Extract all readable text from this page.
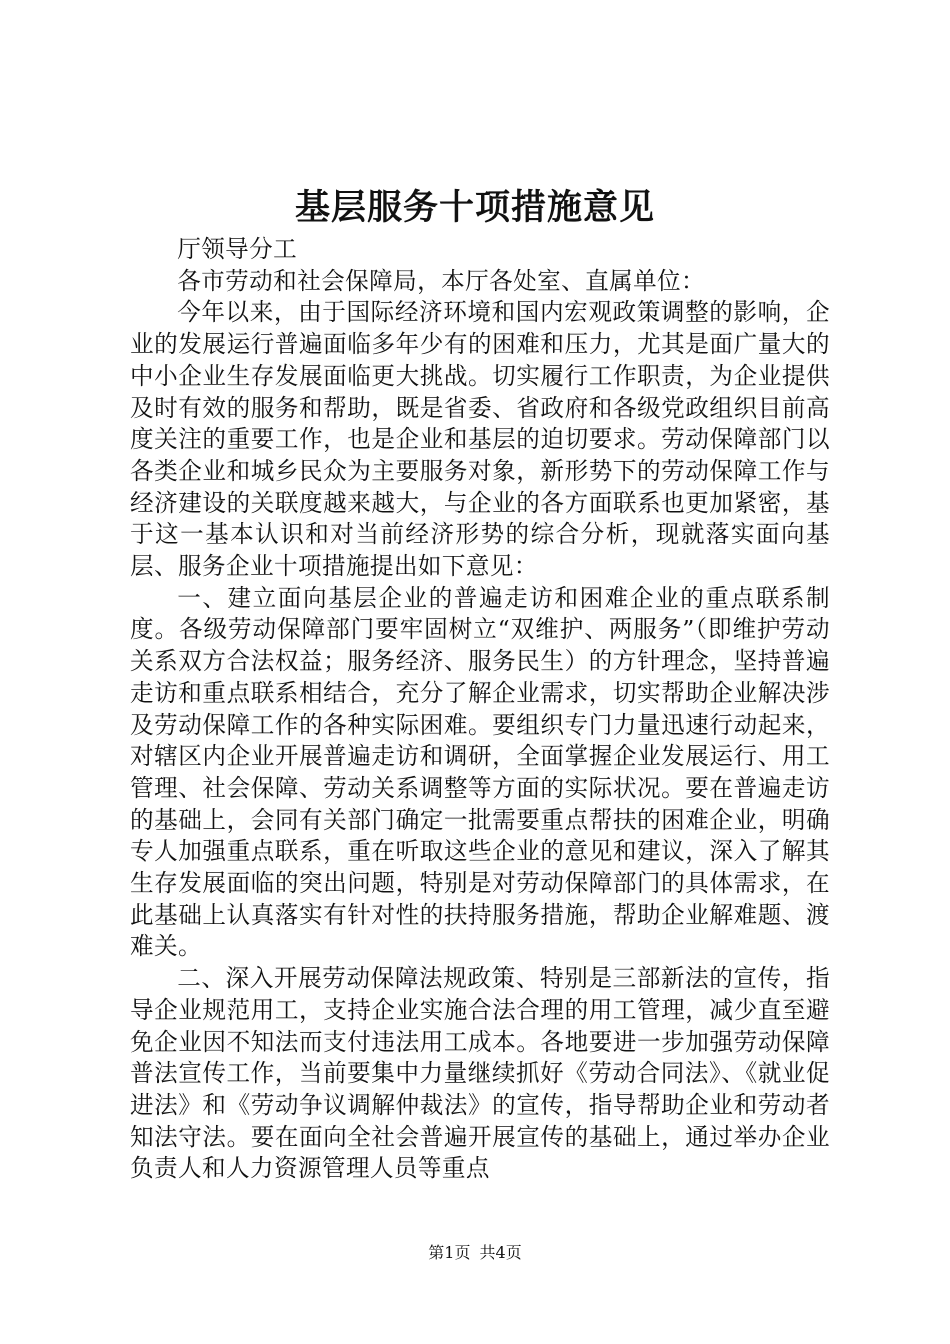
基层服务十项措施意见

厅领导分工

各市劳动和社会保障局，本厅各处室、直属单位：

今年以来，由于国际经济环境和国内宏观政策调整的影响，企业的发展运行普遍面临多年少有的困难和压力，尤其是面广量大的中小企业生存发展面临更大挑战。切实履行工作职责，为企业提供及时有效的服务和帮助，既是省委、省政府和各级党政组织目前高度关注的重要工作，也是企业和基层的迫切要求。劳动保障部门以各类企业和城乡民众为主要服务对象，新形势下的劳动保障工作与经济建设的关联度越来越大，与企业的各方面联系也更加紧密，基于这一基本认识和对当前经济形势的综合分析，现就落实面向基层、服务企业十项措施提出如下意见：

一、建立面向基层企业的普遍走访和困难企业的重点联系制度。各级劳动保障部门要牢固树立“双维护、两服务”（即维护劳动关系双方合法权益；服务经济、服务民生）的方针理念，坚持普遍走访和重点联系相结合，充分了解企业需求，切实帮助企业解决涉及劳动保障工作的各种实际困难。要组织专门力量迅速行动起来，对辖区内企业开展普遍走访和调研，全面掌握企业发展运行、用工管理、社会保障、劳动关系调整等方面的实际状况。要在普遍走访的基础上，会同有关部门确定一批需要重点帮扶的困难企业，明确专人加强重点联系，重在听取这些企业的意见和建议，深入了解其生存发展面临的突出问题，特别是对劳动保障部门的具体需求，在此基础上认真落实有针对性的扶持服务措施，帮助企业解难题、渡难关。

二、深入开展劳动保障法规政策、特别是三部新法的宣传，指导企业规范用工，支持企业实施合法合理的用工管理，减少直至避免企业因不知法而支付违法用工成本。各地要进一步加强劳动保障普法宣传工作，当前要集中力量继续抓好《劳动合同法》、《就业促进法》和《劳动争议调解仲裁法》的宣传，指导帮助企业和劳动者知法守法。要在面向全社会普遍开展宣传的基础上，通过举办企业负责人和人力资源管理人员等重点

第1页 共4页
